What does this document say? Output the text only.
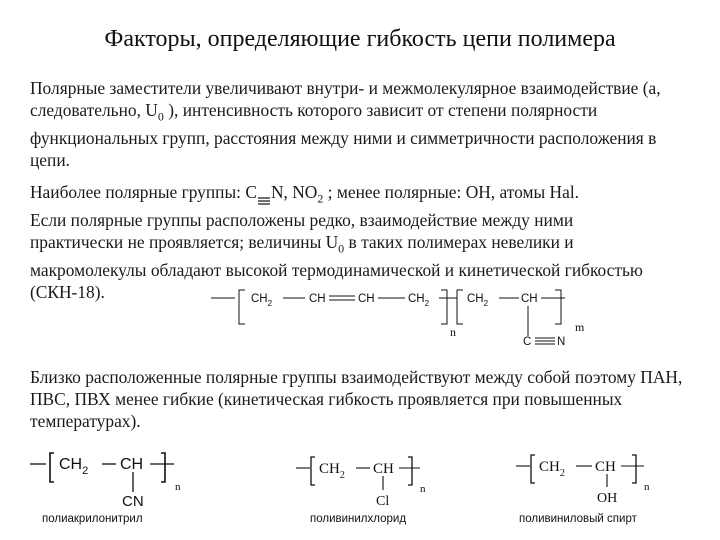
Факторы, определяющие гибкость цепи полимера
Полярные заместители увеличивают внутри- и межмолекулярное взаимодействие (а, следовательно, $U_0$ ), интенсивность которого зависит от степени полярности функциональных групп, расстояния между ними и симметричности расположения в цепи.
Наиболее полярные группы: C N, $NO_2$ ; менее полярные: OH, атомы Hal.
Если полярные группы расположены редко, взаимодействие между ними практически не проявляется; величины $U_0$ в таких полимерах невелики и макромолекулы обладают высокой термодинамической и кинетической гибкостью (СКН-18).	$CH_2$	CH	CH	$CH_2$
n
$CH_2$	CH
m
C N
Близко расположенные полярные группы взаимодействуют между собой поэтому ПАН, ПВС, ПВХ менее гибкие (кинетическая гибкость проявляется при повышенных температурах).
$CH_2$ CH
n
CN
полиакрилонитрил
$CH_2$ CH
n
Cl
поливинилхлорид
$CH_2$ CH
n
OH
поливиниловый спирт
